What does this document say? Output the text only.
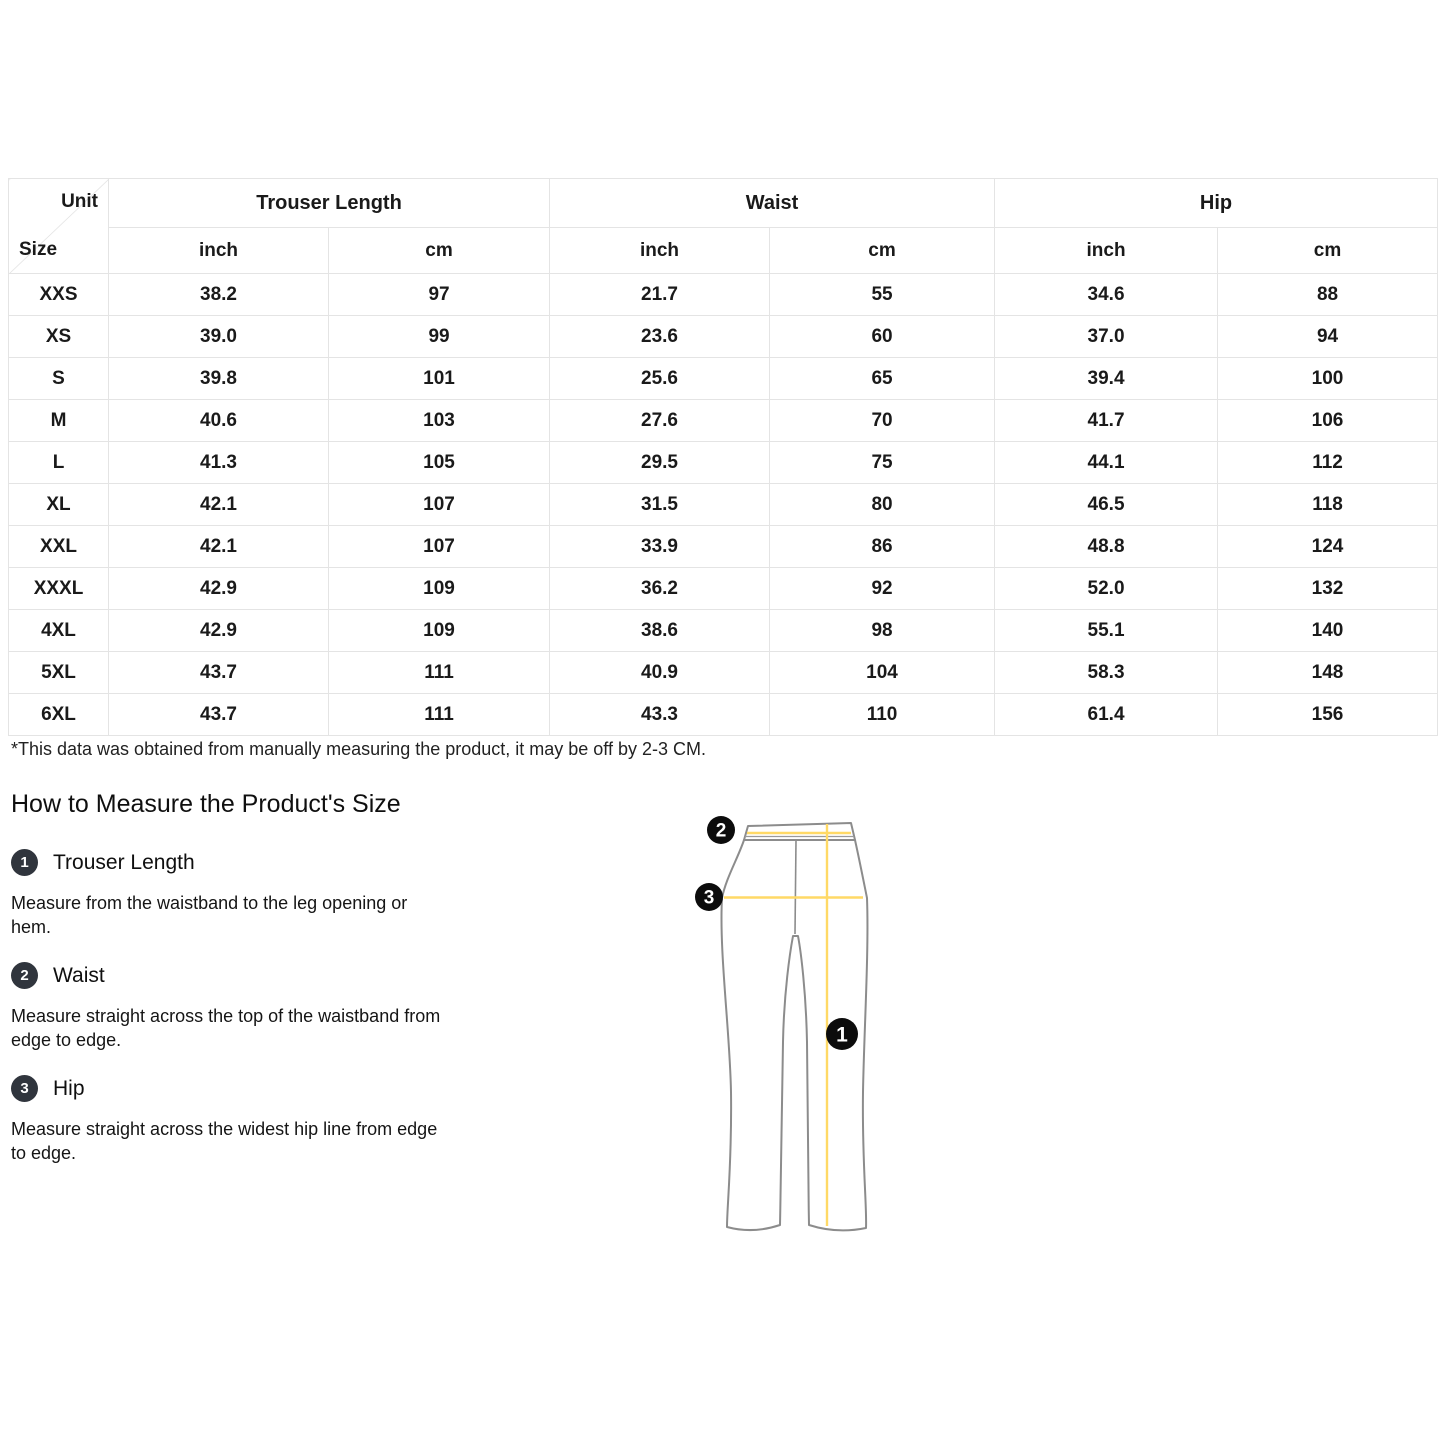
Unit
Size	Trouser Length		Waist		Hip	
	inch	cm	inch	cm	inch	cm
XXS	38.2	97	21.7	55	34.6	88
XS	39.0	99	23.6	60	37.0	94
S	39.8	101	25.6	65	39.4	100
M	40.6	103	27.6	70	41.7	106
L	41.3	105	29.5	75	44.1	112
XL	42.1	107	31.5	80	46.5	118
XXL	42.1	107	33.9	86	48.8	124
XXXL	42.9	109	36.2	92	52.0	132
4XL	42.9	109	38.6	98	55.1	140
5XL	43.7	111	40.9	104	58.3	148
6XL	43.7	111	43.3	110	61.4	156
*This data was obtained from manually measuring the product, it may be off by 2-3 CM.
How to Measure the Product's Size
1	Trouser Length
Measure from the waistband to the leg opening or
hem.
2	Waist
Measure straight across the top of the waistband from
edge to edge.
3	Hip
Measure straight across the widest hip line from edge
to edge.
2
3
1
